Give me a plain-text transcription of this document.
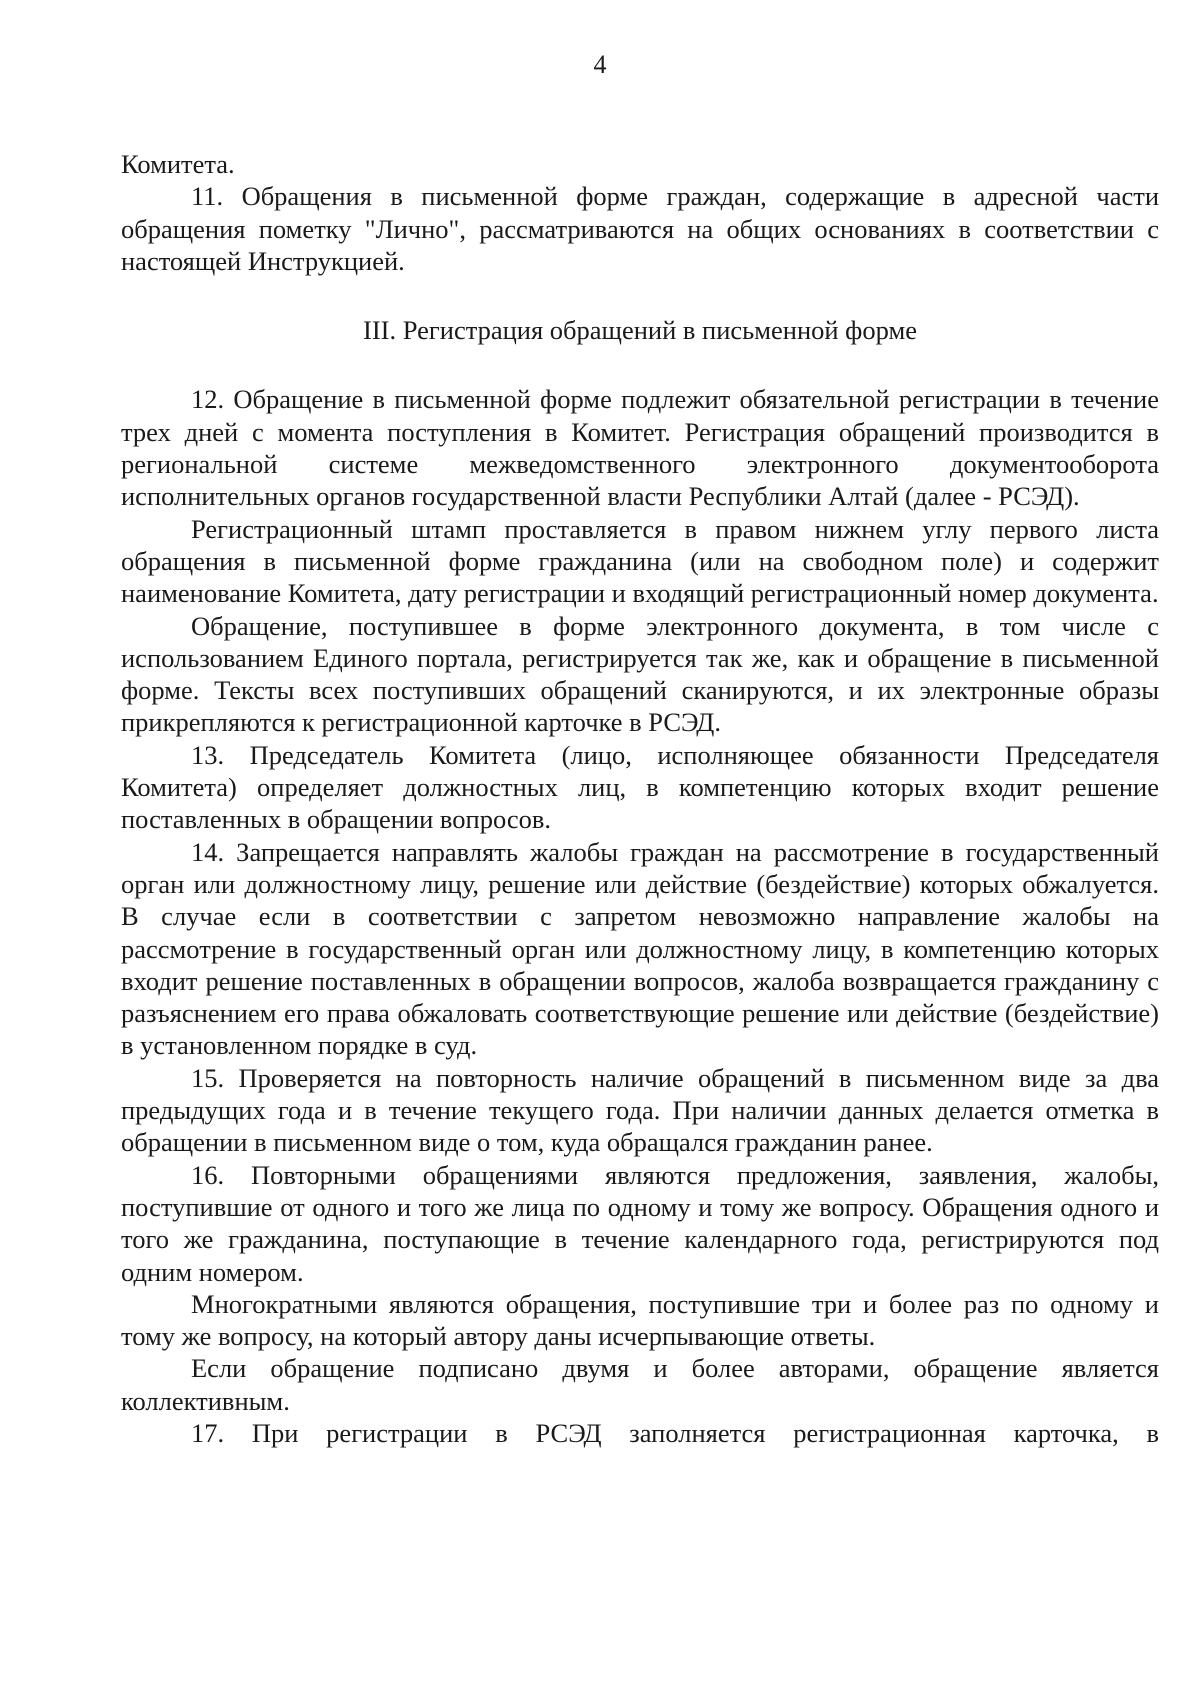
4

Комитета.

11. Обращения в письменной форме граждан, содержащие в адресной части обращения пометку "Лично", рассматриваются на общих основаниях в соответствии с настоящей Инструкцией.

III. Регистрация обращений в письменной форме

12. Обращение в письменной форме подлежит обязательной регистрации в течение трех дней с момента поступления в Комитет. Регистрация обращений производится в региональной системе межведомственного электронного документооборота исполнительных органов государственной власти Республики Алтай (далее - РСЭД).

Регистрационный штамп проставляется в правом нижнем углу первого листа обращения в письменной форме гражданина (или на свободном поле) и содержит наименование Комитета, дату регистрации и входящий регистрационный номер документа.

Обращение, поступившее в форме электронного документа, в том числе с использованием Единого портала, регистрируется так же, как и обращение в письменной форме. Тексты всех поступивших обращений сканируются, и их электронные образы прикрепляются к регистрационной карточке в РСЭД.

13. Председатель Комитета (лицо, исполняющее обязанности Председателя Комитета) определяет должностных лиц, в компетенцию которых входит решение поставленных в обращении вопросов.

14. Запрещается направлять жалобы граждан на рассмотрение в государственный орган или должностному лицу, решение или действие (бездействие) которых обжалуется. В случае если в соответствии с запретом невозможно направление жалобы на рассмотрение в государственный орган или должностному лицу, в компетенцию которых входит решение поставленных в обращении вопросов, жалоба возвращается гражданину с разъяснением его права обжаловать соответствующие решение или действие (бездействие) в установленном порядке в суд.

15. Проверяется на повторность наличие обращений в письменном виде за два предыдущих года и в течение текущего года. При наличии данных делается отметка в обращении в письменном виде о том, куда обращался гражданин ранее.

16. Повторными обращениями являются предложения, заявления, жалобы, поступившие от одного и того же лица по одному и тому же вопросу. Обращения одного и того же гражданина, поступающие в течение календарного года, регистрируются под одним номером.

Многократными являются обращения, поступившие три и более раз по одному и тому же вопросу, на который автору даны исчерпывающие ответы.

Если обращение подписано двумя и более авторами, обращение является коллективным.

17. При регистрации в РСЭД заполняется регистрационная карточка, в
